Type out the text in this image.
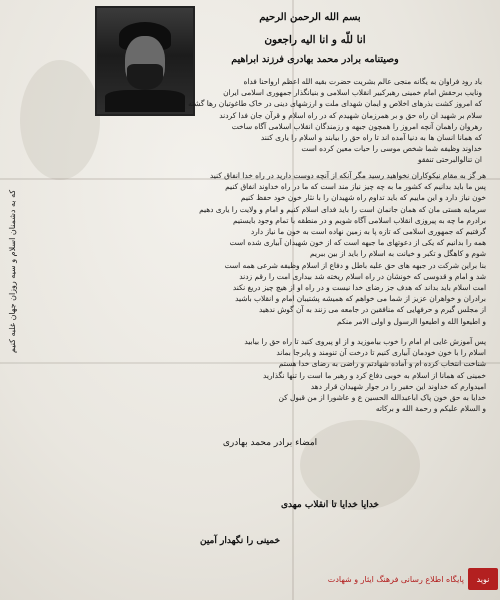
بسم الله الرحمن الرحیم
انا للّه و انا الیه راجعون
وصیتنامه برادر محمد بهادری فرزند ابراهیم

باد رود فراوان به یگانه منجی عالم بشریت حضرت بقیه الله اعظم ارواحنا فداه

ونایب برحقش امام خمینی رهبرکبیر انقلاب اسلامی و بنیانگذار جمهوری اسلامی ایران

که امروز کشت بذرهای اخلاص و ایمان شهدای ملت و ارزشهای دینی در خاک طاغوتیان رها گشته

سلام بر شهید ان راه حق و بر همرزمان شهیدم که در راه اسلام و قرآن جان فدا کردند

رهروان راهمان آنچه امروز را همچون جبهه و رزمندگان انقلاب اسلامی آگاه ساخت

که همانا انسان ها به دنیا آمده اند تا راه حق را بیابند و اسلام را یاری کنند

خداوند وظیفه شما شخص موسی را حیات معین کرده است

ان تنالوالبرحتی تنفقو

هر گز به مقام نیکوکاران نخواهید رسید مگر آنکه از آنچه دوست دارید در راه خدا انفاق کنید

پس ما باید بدانیم که کشور ما به چه چیز نیاز مند است که ما در راه خداوند انفاق کنیم

خون نیاز دارد و این ماییم که باید تداوم راه شهیدان را با نثار خون خود حفظ کنیم

سرمایه هستی مان که همان جانمان است را باید فدای اسلام کنیم و امام و ولایت را یاری دهیم

برادرم ما چه به پیروزی انقلاب اسلامی آگاه شویم و در منطقه با تمام وجود بایستیم

گرفتیم که جمهوری اسلامی که تازه پا به زمین نهاده است به خون ما نیاز دارد

همه را بدانیم که یکی از دعوتهای ما جبهه است که از خون شهیدان آبیاری شده است

شوم و کاهگل و تکبر و خیانت به اسلام را باید از بین ببریم

بنا براین شرکت در جبهه های حق علیه باطل و دفاع از اسلام وظیفه شرعی همه است

شد و امام و قدوسی که خونشان در راه اسلام ریخته شد بیداری امت را رقم زدند

امت اسلام باید بداند که هدف جز رضای خدا نیست و در راه او از هیچ چیز دریغ نکند

برادران و خواهران عزیز از شما می خواهم که همیشه پشتیبان امام و انقلاب باشید

از مجلس گیرم و حرفهایی که منافقین در جامعه می زنند به آن گوش ندهید

و اطیعوا الله و اطیعوا الرسول و اولی الامر منکم

پس آموزش غایی ام امام را خوب بیاموزید و از او پیروی کنید تا راه حق را بیابید

اسلام را با خون خودمان آبیاری کنیم تا درخت آن تنومند و پابرجا بماند

شناخت انتخاب کرده ام و آماده شهادتم و راضی به رضای خدا هستم

خمینی که همانا از اسلام به خوبی دفاع کرد و رهبر ما است را تنها نگذارید

امیدوارم که خداوند این حقیر را در جوار شهیدان قرار دهد

خدایا به حق خون پاک اباعبدالله الحسین ع و عاشورا از من قبول کن

و السلام علیکم و رحمة الله و برکاته

که به دشمنان اسلام و سیه روزان جهان غلبه کنیم
امضاء برادر محمد بهادری
خدایا خدایا تا انقلاب مهدی
خمینی را نگهدار آمین
نوید
پایگاه اطلاع رسانی فرهنگ ایثار و شهادت
